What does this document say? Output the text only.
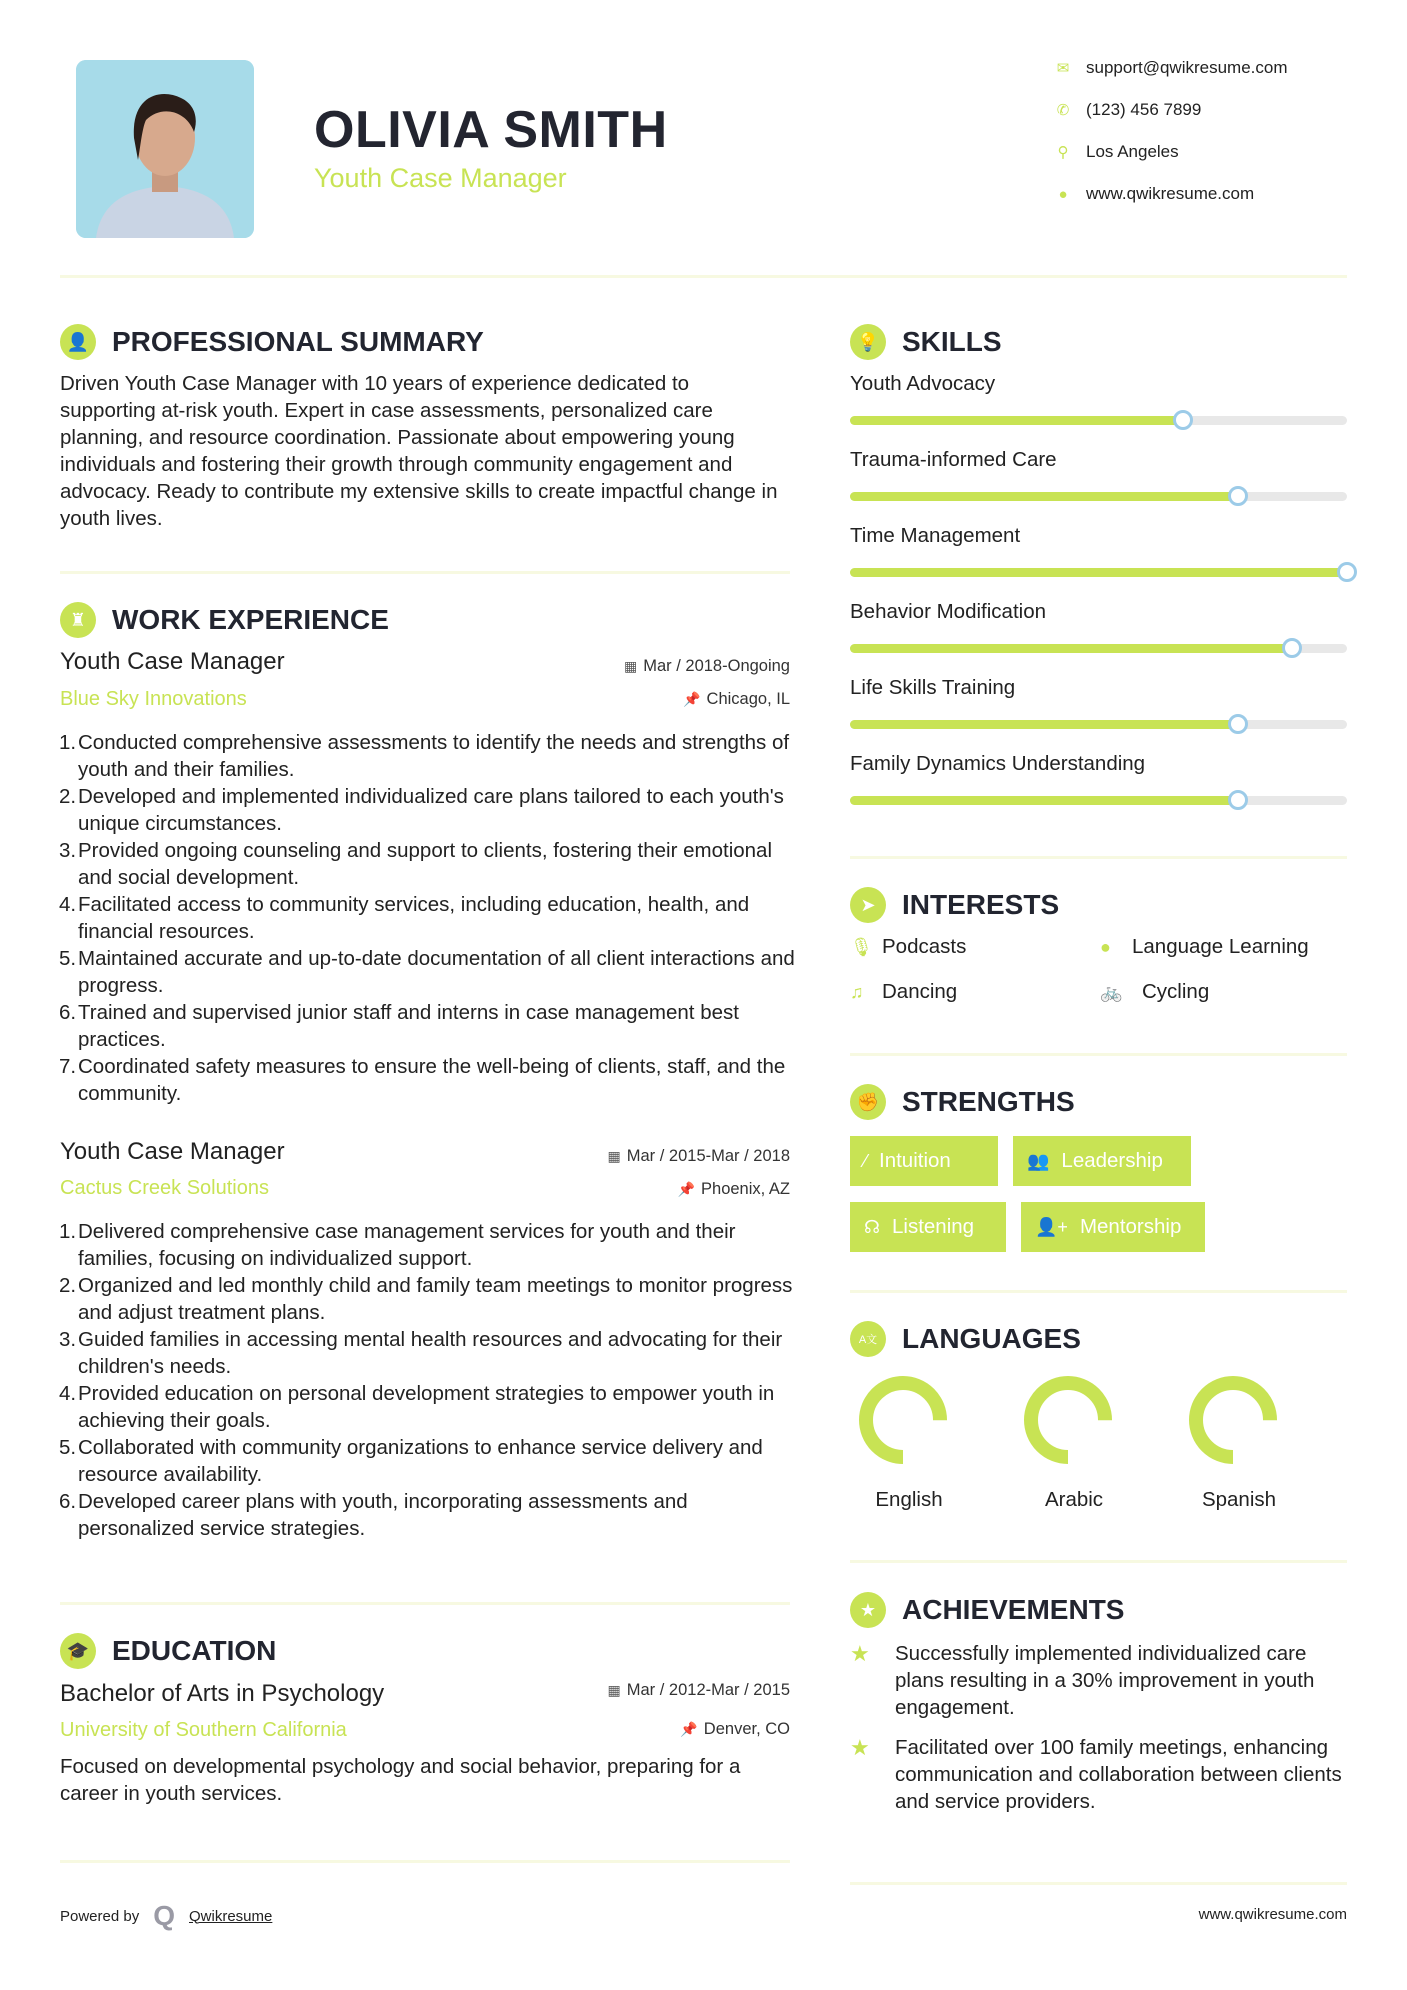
OLIVIA SMITH
Youth Case Manager
✉ support@qwikresume.com
✆ (123) 456 7899
⚲	Los Angeles
●	www.qwikresume.com
👤 PROFESSIONAL SUMMARY
Driven Youth Case Manager with 10 years of experience dedicated to supporting at-risk youth. Expert in case assessments, personalized care planning, and resource coordination. Passionate about empowering young individuals and fostering their growth through community engagement and advocacy. Ready to contribute my extensive skills to create impactful change in youth lives.
♜ WORK EXPERIENCE
Youth Case Manager	▦ Mar / 2018-Ongoing
Blue Sky Innovations	📌 Chicago, IL
Conducted comprehensive assessments to identify the needs and strengths of youth and their families.
Developed and implemented individualized care plans tailored to each youth's unique circumstances.
Provided ongoing counseling and support to clients, fostering their emotional and social development.
Facilitated access to community services, including education, health, and financial resources.
Maintained accurate and up-to-date documentation of all client interactions and progress.
Trained and supervised junior staff and interns in case management best practices.
Coordinated safety measures to ensure the well-being of clients, staff, and the community.
Youth Case Manager	▦ Mar / 2015-Mar / 2018
Cactus Creek Solutions	📌 Phoenix, AZ
Delivered comprehensive case management services for youth and their families, focusing on individualized support.
Organized and led monthly child and family team meetings to monitor progress and adjust treatment plans.
Guided families in accessing mental health resources and advocating for their children's needs.
Provided education on personal development strategies to empower youth in achieving their goals.
Collaborated with community organizations to enhance service delivery and resource availability.
Developed career plans with youth, incorporating assessments and personalized service strategies.
🎓 EDUCATION
Bachelor of Arts in Psychology	▦ Mar / 2012-Mar / 2015
University of Southern California	📌 Denver, CO
Focused on developmental psychology and social behavior, preparing for a career in youth services.
💡 SKILLS
Youth Advocacy
Trauma-informed Care
Time Management
Behavior Modification
Life Skills Training
Family Dynamics Understanding
➤ INTERESTS
🎙 Podcasts	●	Language Learning
♫ Dancing	🚲 Cycling
✊ STRENGTHS
⁄ Intuition	👥 Leadership
☊ Listening	👤+ Mentorship
A文 LANGUAGES
English	Arabic	Spanish
★ ACHIEVEMENTS
★	Successfully implemented individualized care plans resulting in a 30% improvement in youth engagement.
★	Facilitated over 100 family meetings, enhancing communication and collaboration between clients and service providers.
Powered by Q Qwikresume	www.qwikresume.com
